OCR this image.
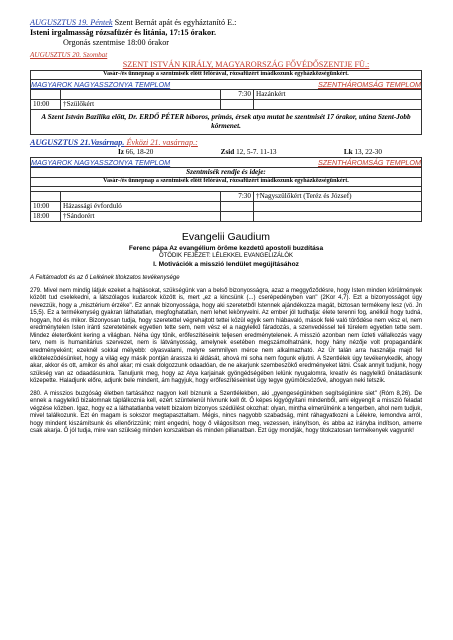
AUGUSZTUS 19. Péntek Szent Bernát apát és egyháztanító E.:
Isteni irgalmasság rózsafüzér és litánia, 17:15 órakor.
Orgonás szentmise 18:00 órakor
AUGUSZTUS 20. Szombat
SZENT ISTVÁN KIRÁLY, MAGYARORSZÁG FŐVÉDŐSZENTJE FÜ.:
Vasár-/és ünnepnap a szentmisék előtt félórával, rózsafüzért imádkozunk egyházközségünkért.
MAGYAROK NAGYASSZONYA TEMPLOM	SZENTHÁROMSÁG TEMPLOM
		7:30	Hazánkért
10:00	†Szülőkért		
A Szent István Bazilika előtt, Dr. ERDŐ PÉTER bíboros, prímás, érsek atya mutat be szentmisét 17 órakor, utána Szent-Jobb körmenet.
AUGUSZTUS 21.Vasárnap. Évközi 21. vasárnap.:
Iz 66, 18-20	Zsid 12, 5-7. 11-13	Lk 13, 22-30
MAGYAROK NAGYASSZONYA TEMPLOM	SZENTHÁROMSÁG TEMPLOM
Szentmisék rendje és ideje:
Vasár-/és ünnepnap a szentmisék előtt félórával, rózsafüzért imádkozunk egyházközségünkért.
		7:30	†Nagyszülőkért (Teréz és József)
10:00	Házassági évforduló		
18:00	†Sándorért		
Evangelii Gaudium
Ferenc pápa Az evangélium öröme kezdetű apostoli buzdítása
ÖTÖDIK FEJEZET: LÉLEKKEL EVANGELIZÁLÓK
I. Motivációk a misszió lendület megújításához
A Feltámadott és az ő Lelkének titokzatos tevékenysége

279. Mivel nem mindig látjuk ezeket a hajtásokat, szükségünk van a belső bizonyosságra, azaz a meggyőződésre, hogy Isten minden körülmények között tud cselekedni, a látszólagos kudarcok között is, mert „ez a kincsünk (...) cserépedényben van" (2Kor 4,7). Ezt a bizonyosságot úgy nevezzük, hogy a „misztérium érzéke". Ez annak bizonyossága, hogy aki szeretetből Istennek ajándékozza magát, biztosan termékeny lesz (vö. Jn 15,5). Ez a termékenység gyakran láthatatlan, megfoghatatlan, nem lehet lekönyvelni. Az ember jól tudhatja: élete terenni fog, anélkül hogy tudná, hogyan, hol és mikor. Bizonyosan tudja, hogy szeretettel végrehajtott tettei közül egyik sem hiábavaló, mások felé való törődése nem vész el, nem eredménytelen Isten iránti szeretetének egyetlen tette sem, nem vész el a nagylelkű fáradozás, a szenvedéssel teli türelem egyetlen tette sem. Mindez életerőként kering a világban. Néha úgy tűnik, erőfeszítéseink teljesen eredménytelenek. A misszió azonban nem üzleti vállalkozás vagy terv, nem is humanitárius szervezet, nem is látványosság, amelynek esetében megszámolhatnánk, hogy hány nézője volt propagandánk eredményeként; ezeknél sokkal mélyebb: olyasvalami, melyre semmilyen mérce nem alkalmazható. Az Úr talán arra használja majd fel elkötelezödésünket, hogy a világ egy másik pontján árassza ki áldását, ahová mi soha nem fogunk eljutni. A Szentlélek úgy tevékenykedik, ahogy akar, akkor és ott, amikor és ahol akar; mi csak dolgozzunk odaadóan, de ne akarjunk szembeszökő eredményeket látni. Csak annyit tudjunk, hogy szükség van az odaadásunkra. Tanuljunk meg, hogy az Atya karjainak gyöngédségében lelünk nyugalomra, kreatív és nagylelkű önátadásunk közepette. Haladjunk előre, adjunk bele mindent, ám hagyjuk, hogy erőfeszítéseinket úgy tegye gyümölcsözővé, ahogyan neki tetszik.

280. A misszios buzgóság életben tartásához nagyon kell bíznunk a Szentlélekben, aki „gyengeségünkben segítségünkre siet" (Róm 8,26). De ennek a nagylelkű bizalomnak táplálkoznia kell, ezért szüntelenül hívnunk kell őt. Ő képes kigyógyítani mindenből, ami elgyengít a misszió feladat végzése közben. Igaz, hogy ez a láthatatlanba vetett bizalom bizonyos szédülést okozhat: olyan, mintha elmerülnénk a tengerben, ahol nem tudjuk, mivel találkozunk. Ezt én magam is sokszor megtapasztaltam. Mégis, nincs nagyobb szabadság, mint ráhagyatkozni a Lélekre, lemondva arról, hogy mindent kiszámítsunk és ellenőrizzünk; mint engedni, hogy ő világosítson meg, vezessen, irányítson, és abba az irányba indítson, amerre csak akarja. Ő jól tudja, mire van szükség minden korszakban és minden pillanatban. Ezt úgy mondják, hogy titokzatosan termékenyek vagyunk!
